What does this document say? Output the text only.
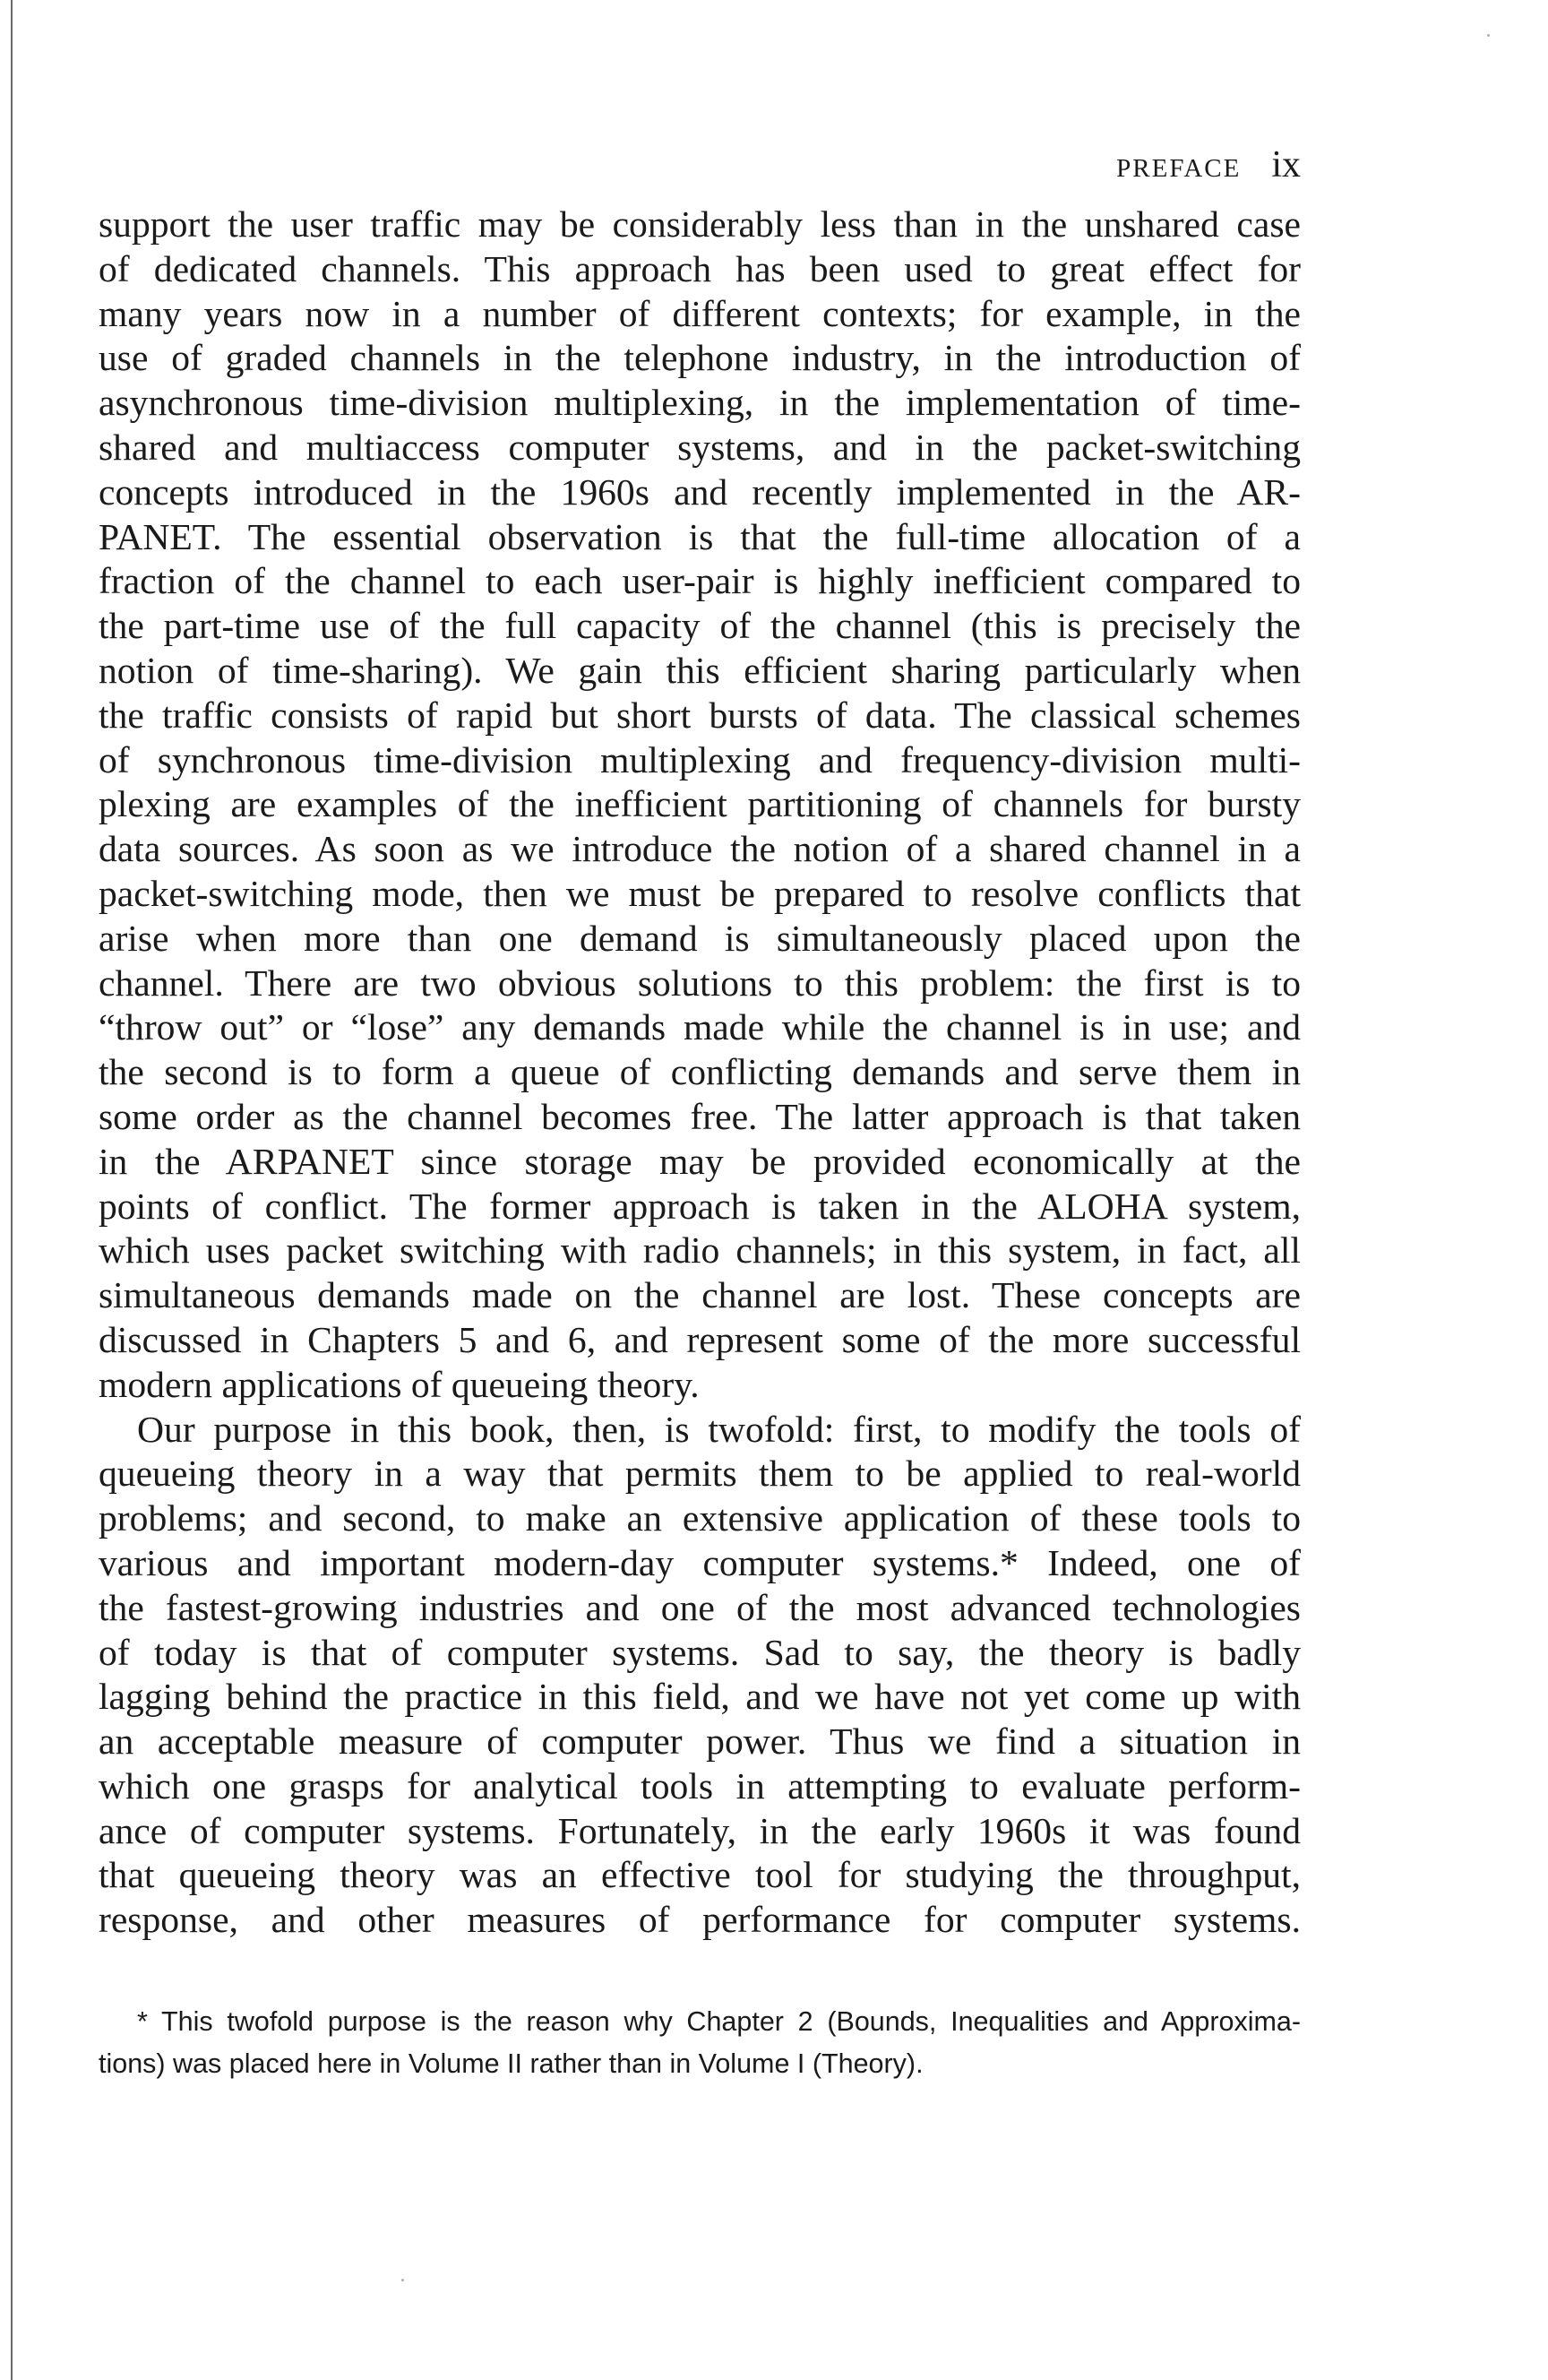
PREFACE ix

support the user traffic may be considerably less than in the unshared case
of dedicated channels. This approach has been used to great effect for
many years now in a number of different contexts; for example, in the
use of graded channels in the telephone industry, in the introduction of
asynchronous time-division multiplexing, in the implementation of time-
shared and multiaccess computer systems, and in the packet-switching
concepts introduced in the 1960s and recently implemented in the AR-
PANET. The essential observation is that the full-time allocation of a
fraction of the channel to each user-pair is highly inefficient compared to
the part-time use of the full capacity of the channel (this is precisely the
notion of time-sharing). We gain this efficient sharing particularly when
the traffic consists of rapid but short bursts of data. The classical schemes
of synchronous time-division multiplexing and frequency-division multi-
plexing are examples of the inefficient partitioning of channels for bursty
data sources. As soon as we introduce the notion of a shared channel in a
packet-switching mode, then we must be prepared to resolve conflicts that
arise when more than one demand is simultaneously placed upon the
channel. There are two obvious solutions to this problem: the first is to
“throw out” or “lose” any demands made while the channel is in use; and
the second is to form a queue of conflicting demands and serve them in
some order as the channel becomes free. The latter approach is that taken
in the ARPANET since storage may be provided economically at the
points of conflict. The former approach is taken in the ALOHA system,
which uses packet switching with radio channels; in this system, in fact, all
simultaneous demands made on the channel are lost. These concepts are
discussed in Chapters 5 and 6, and represent some of the more successful
modern applications of queueing theory.

Our purpose in this book, then, is twofold: first, to modify the tools of
queueing theory in a way that permits them to be applied to real-world
problems; and second, to make an extensive application of these tools to
various and important modern-day computer systems.* Indeed, one of
the fastest-growing industries and one of the most advanced technologies
of today is that of computer systems. Sad to say, the theory is badly
lagging behind the practice in this field, and we have not yet come up with
an acceptable measure of computer power. Thus we find a situation in
which one grasps for analytical tools in attempting to evaluate perform-
ance of computer systems. Fortunately, in the early 1960s it was found
that queueing theory was an effective tool for studying the throughput,
response, and other measures of performance for computer systems.

* This twofold purpose is the reason why Chapter 2 (Bounds, Inequalities and Approxima-
tions) was placed here in Volume II rather than in Volume I (Theory).
